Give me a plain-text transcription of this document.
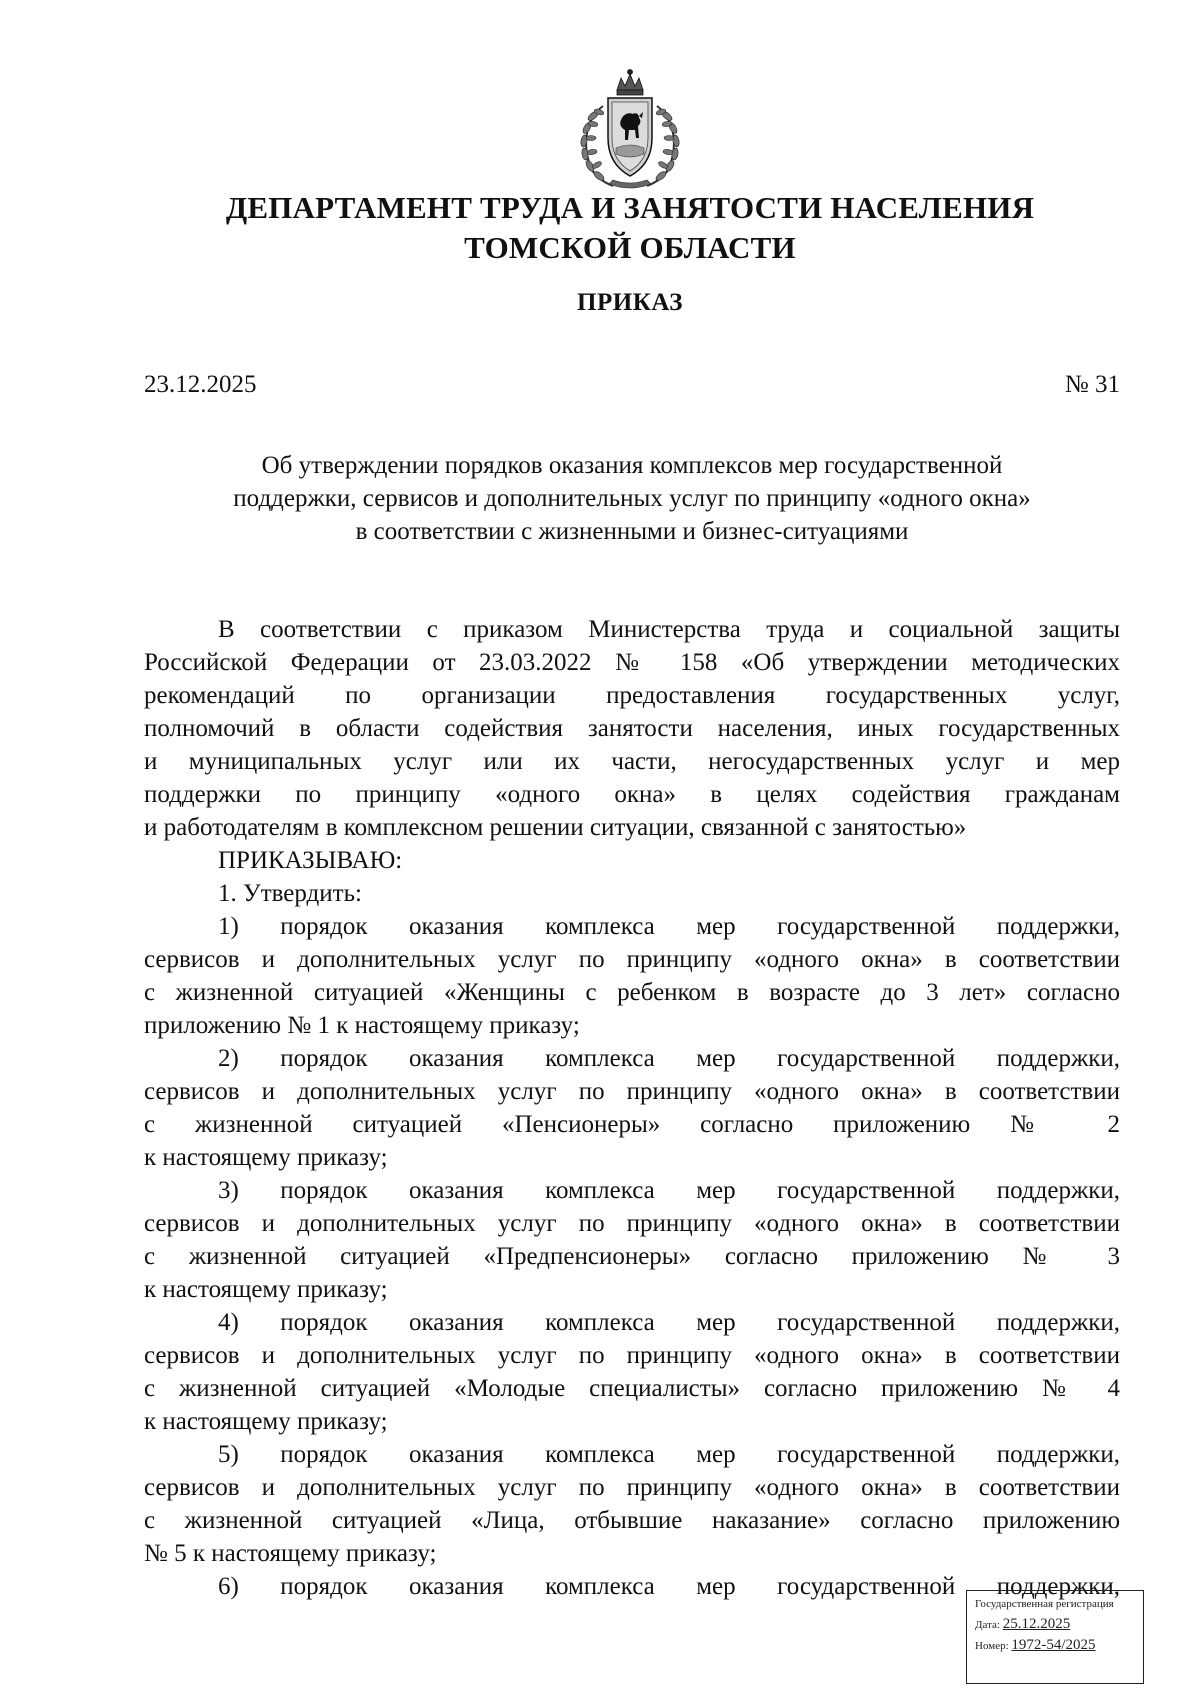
ДЕПАРТАМЕНТ ТРУДА И ЗАНЯТОСТИ НАСЕЛЕНИЯ
ТОМСКОЙ ОБЛАСТИ
ПРИКАЗ
23.12.2025	№ 31
Об утверждении порядков оказания комплексов мер государственной
поддержки, сервисов и дополнительных услуг по принципу «одного окна»
в соответствии с жизненными и бизнес-ситуациями
В соответствии с приказом Министерства труда и социальной защиты
Российской Федерации от 23.03.2022 № 158 «Об утверждении методических
рекомендаций по организации предоставления государственных услуг,
полномочий в области содействия занятости населения, иных государственных
и муниципальных услуг или их части, негосударственных услуг и мер
поддержки по принципу «одного окна» в целях содействия гражданам
и работодателям в комплексном решении ситуации, связанной с занятостью»
ПРИКАЗЫВАЮ:
1. Утвердить:
1) порядок оказания комплекса мер государственной поддержки,
сервисов и дополнительных услуг по принципу «одного окна» в соответствии
с жизненной ситуацией «Женщины с ребенком в возрасте до 3 лет» согласно
приложению № 1 к настоящему приказу;
2) порядок оказания комплекса мер государственной поддержки,
сервисов и дополнительных услуг по принципу «одного окна» в соответствии
с жизненной ситуацией «Пенсионеры» согласно приложению № 2
к настоящему приказу;
3) порядок оказания комплекса мер государственной поддержки,
сервисов и дополнительных услуг по принципу «одного окна» в соответствии
с жизненной ситуацией «Предпенсионеры» согласно приложению № 3
к настоящему приказу;
4) порядок оказания комплекса мер государственной поддержки,
сервисов и дополнительных услуг по принципу «одного окна» в соответствии
с жизненной ситуацией «Молодые специалисты» согласно приложению № 4
к настоящему приказу;
5) порядок оказания комплекса мер государственной поддержки,
сервисов и дополнительных услуг по принципу «одного окна» в соответствии
с жизненной ситуацией «Лица, отбывшие наказание» согласно приложению
№ 5 к настоящему приказу;
6) порядок оказания комплекса мер государственной поддержки,
Государственная регистрация
Дата: 25.12.2025
Номер: 1972-54/2025
